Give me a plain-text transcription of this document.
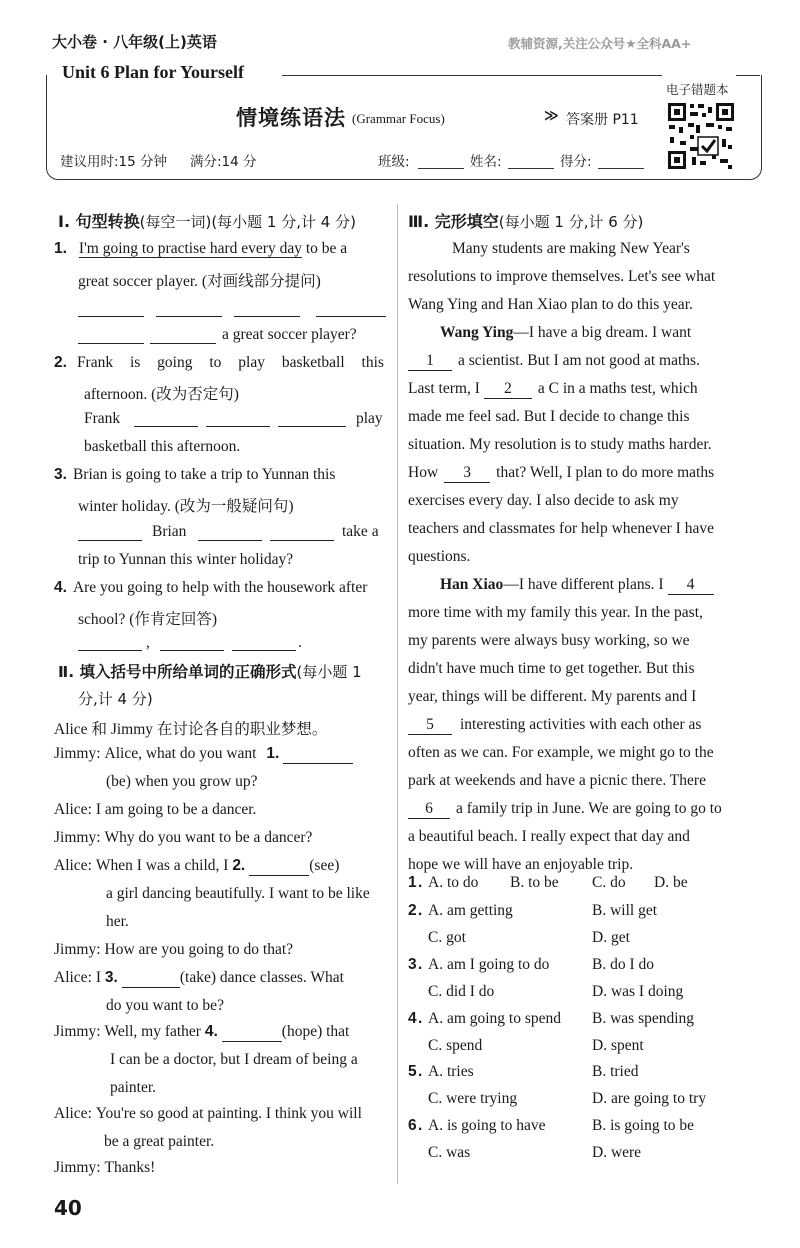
大小卷 · 八年级(上)英语	教辅资源,关注公众号★全科AA+
Unit 6 Plan for Yourself
电子错题本
情境练语法 (Grammar Focus)	≫ 答案册 P11
建议用时:15 分钟 满分:14 分	班级:	姓名:	得分:
Ⅰ. 句型转换(每空一词)(每小题 1 分,计 4 分)
1. I'm going to practise hard every day to be a
great soccer player. (对画线部分提问)
a great soccer player?
2. Frank is going to play basketball this
afternoon. (改为否定句)
Frank	play
basketball this afternoon.
3. Brian is going to take a trip to Yunnan this
winter holiday. (改为一般疑问句)
Brian	take a
trip to Yunnan this winter holiday?
4. Are you going to help with the housework after
school? (作肯定回答)
,	.
Ⅱ. 填入括号中所给单词的正确形式(每小题 1
分,计 4 分)
Alice 和 Jimmy 在讨论各自的职业梦想。
Jimmy: Alice, what do you want 1.
(be) when you grow up?
Alice: I am going to be a dancer.
Jimmy: Why do you want to be a dancer?
Alice: When I was a child, I 2.	(see)
a girl dancing beautifully. I want to be like
her.
Jimmy: How are you going to do that?
Alice: I 3.	(take) dance classes. What
do you want to be?
Jimmy: Well, my father 4.	(hope) that
I can be a doctor, but I dream of being a
painter.
Alice: You're so good at painting. I think you will
be a great painter.
Jimmy: Thanks!
Ⅲ. 完形填空(每小题 1 分,计 6 分)
Many students are making New Year's
resolutions to improve themselves. Let's see what
Wang Ying and Han Xiao plan to do this year.
Wang Ying—I have a big dream. I want
1 a scientist. But I am not good at maths.
Last term, I 2 a C in a maths test, which
made me feel sad. But I decide to change this
situation. My resolution is to study maths harder.
How 3 that? Well, I plan to do more maths
exercises every day. I also decide to ask my
teachers and classmates for help whenever I have
questions.
Han Xiao—I have different plans. I 4
more time with my family this year. In the past,
my parents were always busy working, so we
didn't have much time to get together. But this
year, things will be different. My parents and I
5 interesting activities with each other as
often as we can. For example, we might go to the
park at weekends and have a picnic there. There
6 a family trip in June. We are going to go to
a beautiful beach. I really expect that day and
hope we will have an enjoyable trip.
1 . A. to do B. to be C. do D. be
2 . A. am getting	B. will get
C. got	D. get
3 . A. am I going to do	B. do I do
C. did I do	D. was I doing
4 . A. am going to spend B. was spending
C. spend	D. spent
5 . A. tries	B. tried
C. were trying	D. are going to try
6 . A. is going to have	B. is going to be
C. was	D. were
40
